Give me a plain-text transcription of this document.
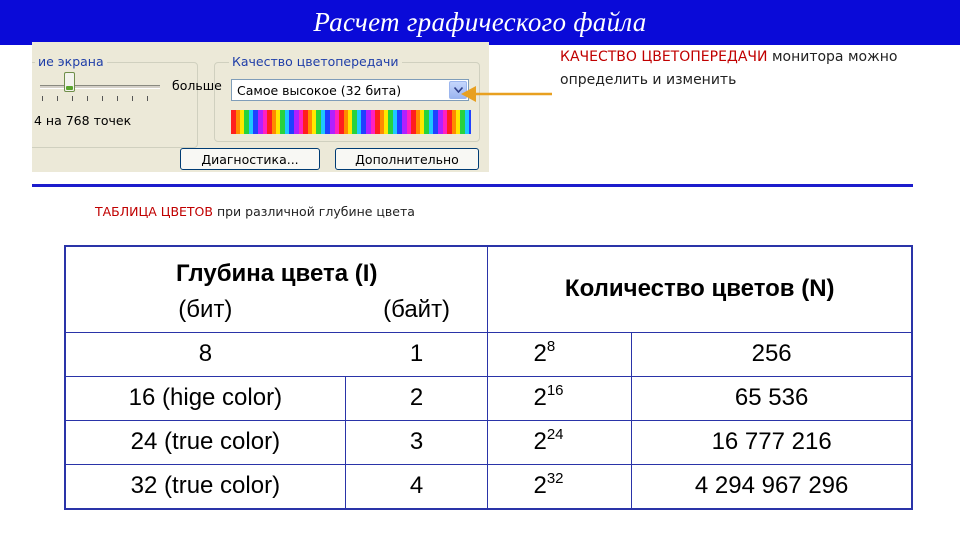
Расчет графического файла
ие экрана
больше
4 на 768 точек
Качество цветопередачи
Самое высокое (32 бита)
Диагностика...	Дополнительно
КАЧЕСТВО ЦВЕТОПЕРЕДАЧИ монитора можно определить и изменить
ТАБЛИЦА ЦВЕТОВ при различной глубине цвета
Глубина цвета (I)		Количество цветов (N)	
(бит)	(байт)		
8	1	$2^8$	256
16 (hige color)	2	$2^{16}$	65 536
24 (true color)	3	$2^{24}$	16 777 216
32 (true color)	4	$2^{32}$	4 294 967 296
